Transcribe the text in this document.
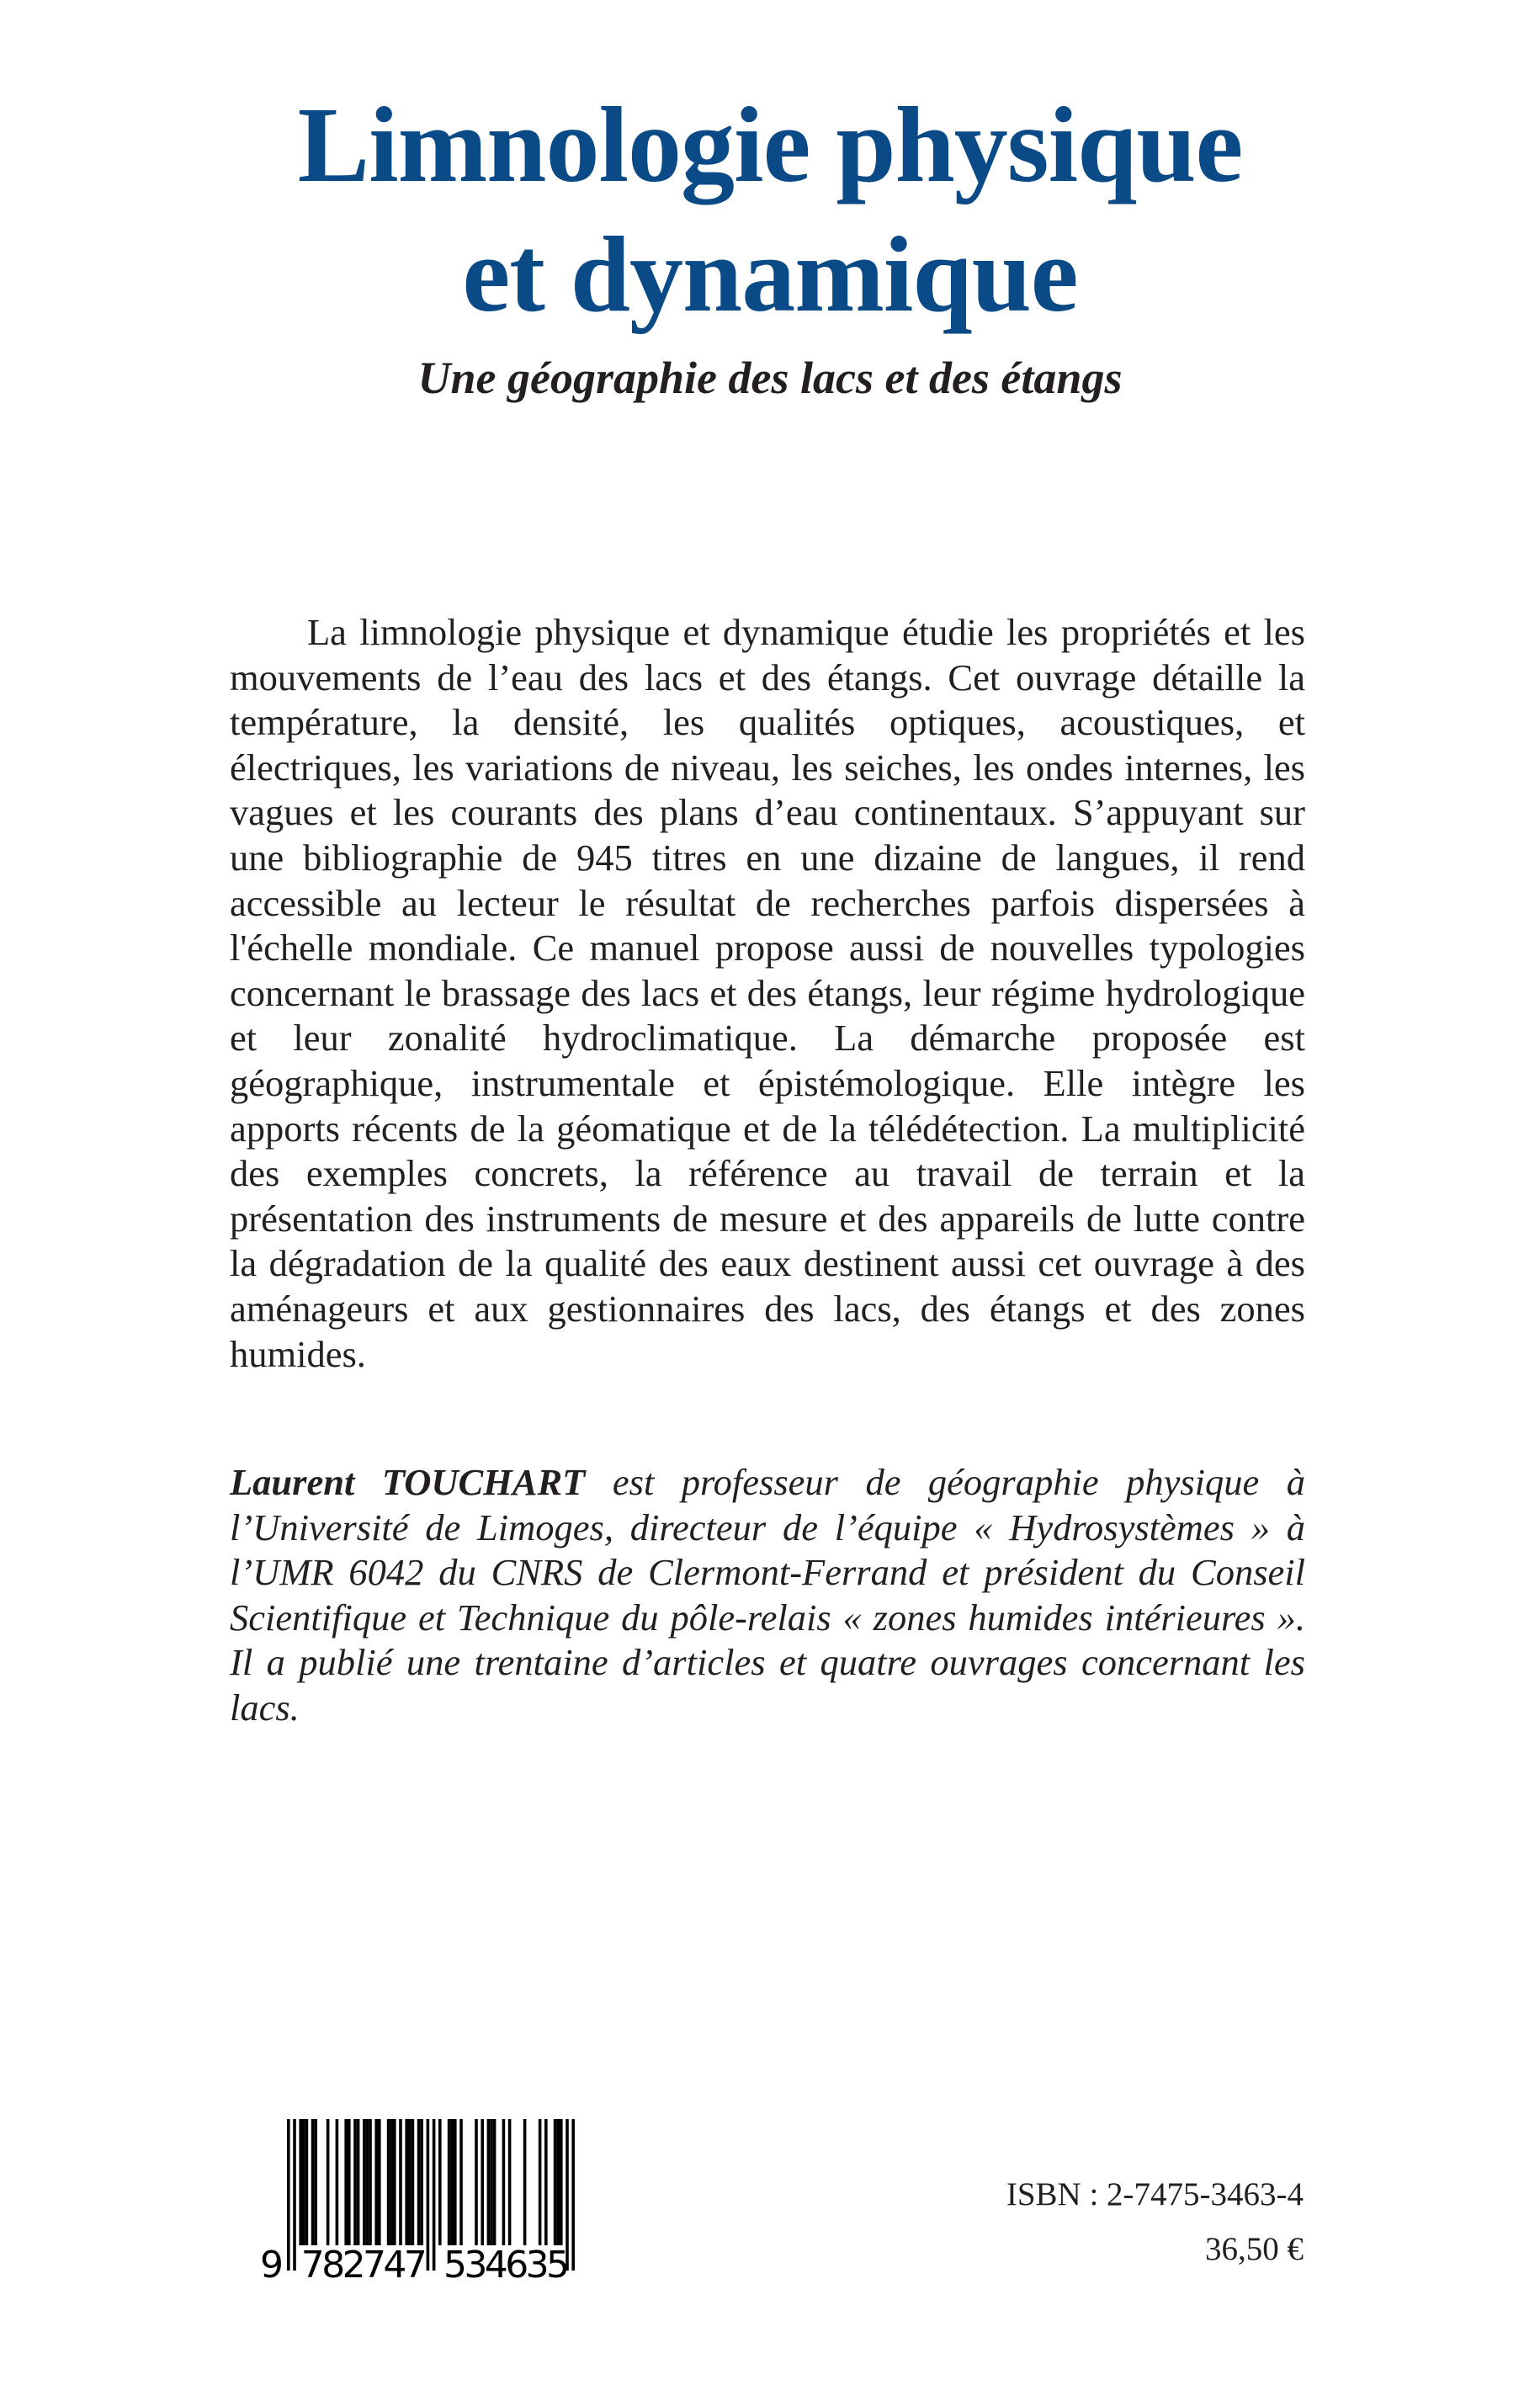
Limnologie physique
et dynamique
Une géographie des lacs et des étangs
La limnologie physique et dynamique étudie les propriétés et les mouvements de l’eau des lacs et des étangs. Cet ouvrage détaille la température, la densité, les qualités optiques, acoustiques, et électriques, les variations de niveau, les seiches, les ondes internes, les vagues et les courants des plans d’eau continentaux. S’appuyant sur une bibliographie de 945 titres en une dizaine de langues, il rend accessible au lecteur le résultat de recherches parfois dispersées à l'échelle mondiale. Ce manuel propose aussi de nouvelles typologies concernant le brassage des lacs et des étangs, leur régime hydrologique et leur zonalité hydroclimatique. La démarche proposée est géographique, instrumentale et épistémologique. Elle intègre les apports récents de la géomatique et de la télédétection. La multiplicité des exemples concrets, la référence au travail de terrain et la présentation des instruments de mesure et des appareils de lutte contre la dégradation de la qualité des eaux destinent aussi cet ouvrage à des aménageurs et aux gestionnaires des lacs, des étangs et des zones humides.
Laurent TOUCHART est professeur de géographie physique à l’Université de Limoges, directeur de l’équipe « Hydrosystèmes » à l’UMR 6042 du CNRS de Clermont-Ferrand et président du Conseil Scientifique et Technique du pôle-relais « zones humides intérieures ». Il a publié une trentaine d’articles et quatre ouvrages concernant les lacs.
9 782747 534635
ISBN : 2-7475-3463-4
36,50 €
